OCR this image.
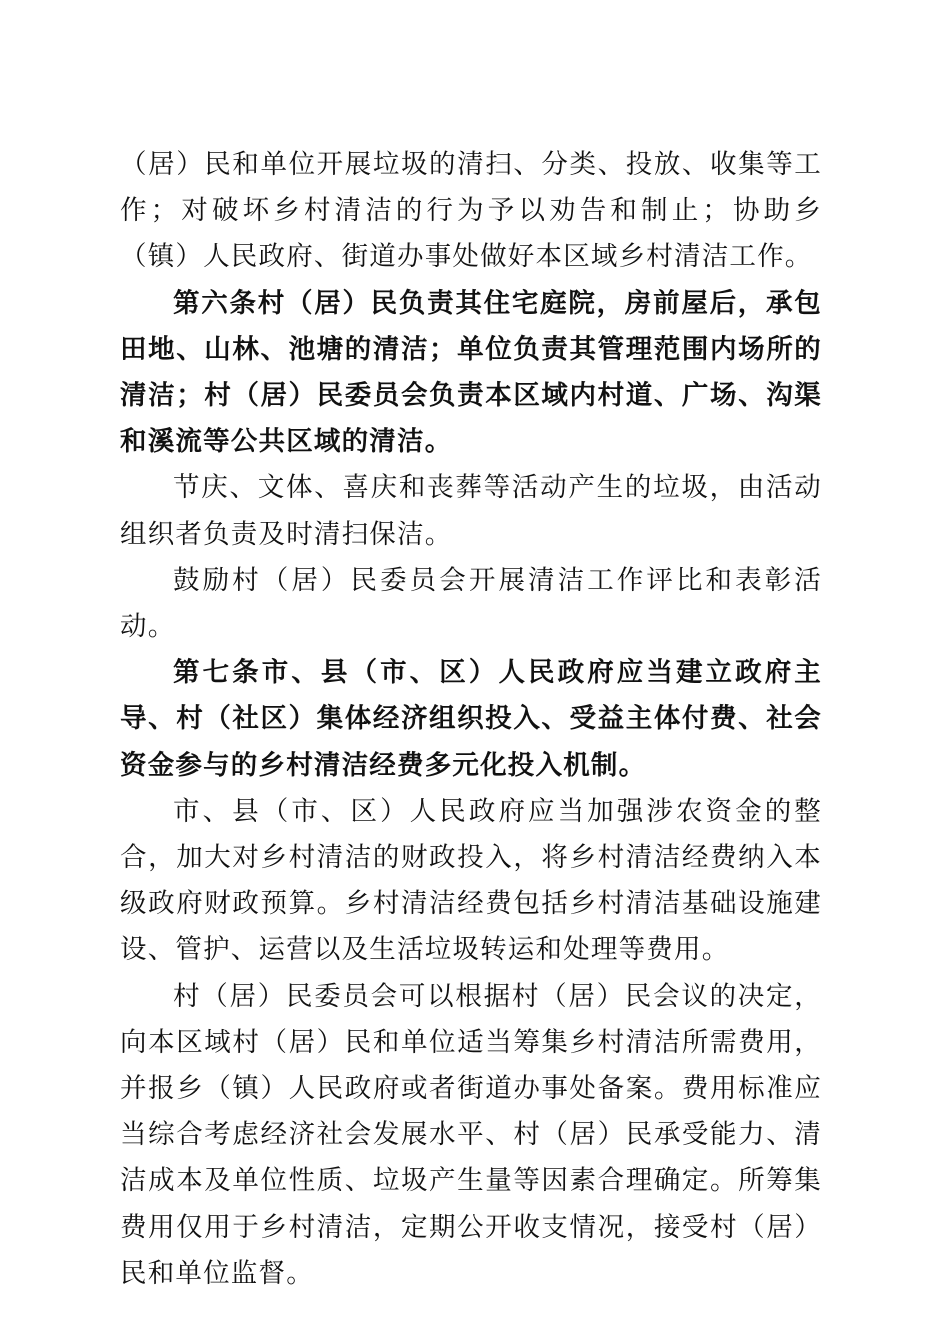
（居）民和单位开展垃圾的清扫、分类、投放、收集等工作；对破坏乡村清洁的行为予以劝告和制止；协助乡（镇）人民政府、街道办事处做好本区域乡村清洁工作。

第六条村（居）民负责其住宅庭院，房前屋后，承包田地、山林、池塘的清洁；单位负责其管理范围内场所的清洁；村（居）民委员会负责本区域内村道、广场、沟渠和溪流等公共区域的清洁。

节庆、文体、喜庆和丧葬等活动产生的垃圾，由活动组织者负责及时清扫保洁。

鼓励村（居）民委员会开展清洁工作评比和表彰活动。

第七条市、县（市、区）人民政府应当建立政府主导、村（社区）集体经济组织投入、受益主体付费、社会资金参与的乡村清洁经费多元化投入机制。

市、县（市、区）人民政府应当加强涉农资金的整合，加大对乡村清洁的财政投入，将乡村清洁经费纳入本级政府财政预算。乡村清洁经费包括乡村清洁基础设施建设、管护、运营以及生活垃圾转运和处理等费用。

村（居）民委员会可以根据村（居）民会议的决定，向本区域村（居）民和单位适当筹集乡村清洁所需费用，并报乡（镇）人民政府或者街道办事处备案。费用标准应当综合考虑经济社会发展水平、村（居）民承受能力、清洁成本及单位性质、垃圾产生量等因素合理确定。所筹集费用仅用于乡村清洁，定期公开收支情况，接受村（居）民和单位监督。
